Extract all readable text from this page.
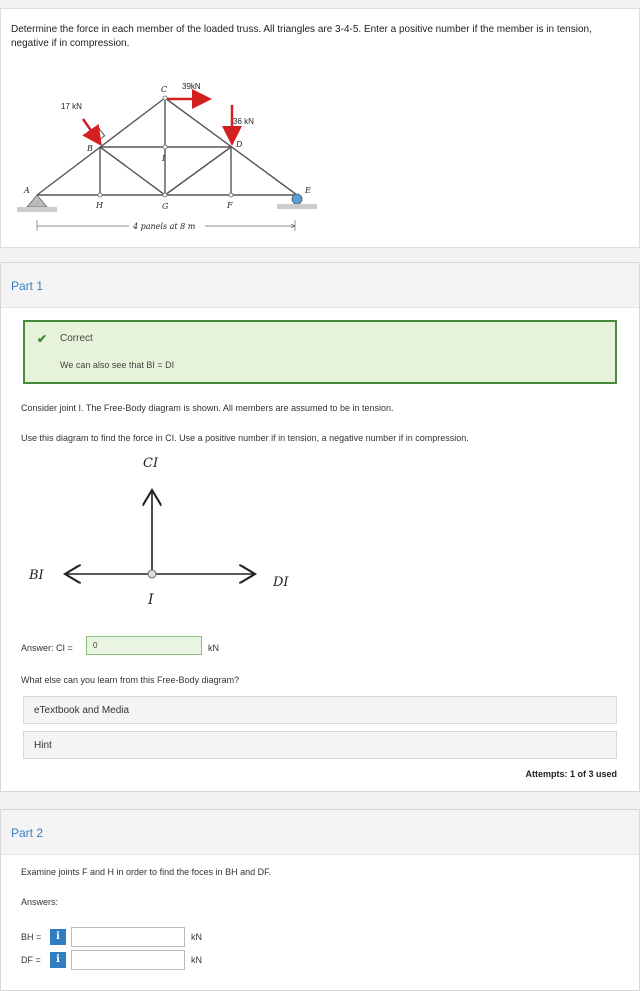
Determine the force in each member of the loaded truss. All triangles are 3-4-5. Enter a positive number if the member is in tension, negative if in compression.
39kN
17 kN
36 kN
C
A
B	D
E
F
G
H
I
4 panels at 8 m
Part 1
✔ Correct
We can also see that BI = DI
Consider joint I. The Free-Body diagram is shown. All members are assumed to be in tension.
Use this diagram to find the force in CI. Use a positive number if in tension, a negative number if in compression.
CI
BI	DI
I
Answer: CI =	0	kN
What else can you learn from this Free-Body diagram?
eTextbook and Media
Hint
Attempts: 1 of 3 used
Part 2
Examine joints F and H in order to find the foces in BH and DF.
Answers:
BH =	i	kN
DF =	i	kN
